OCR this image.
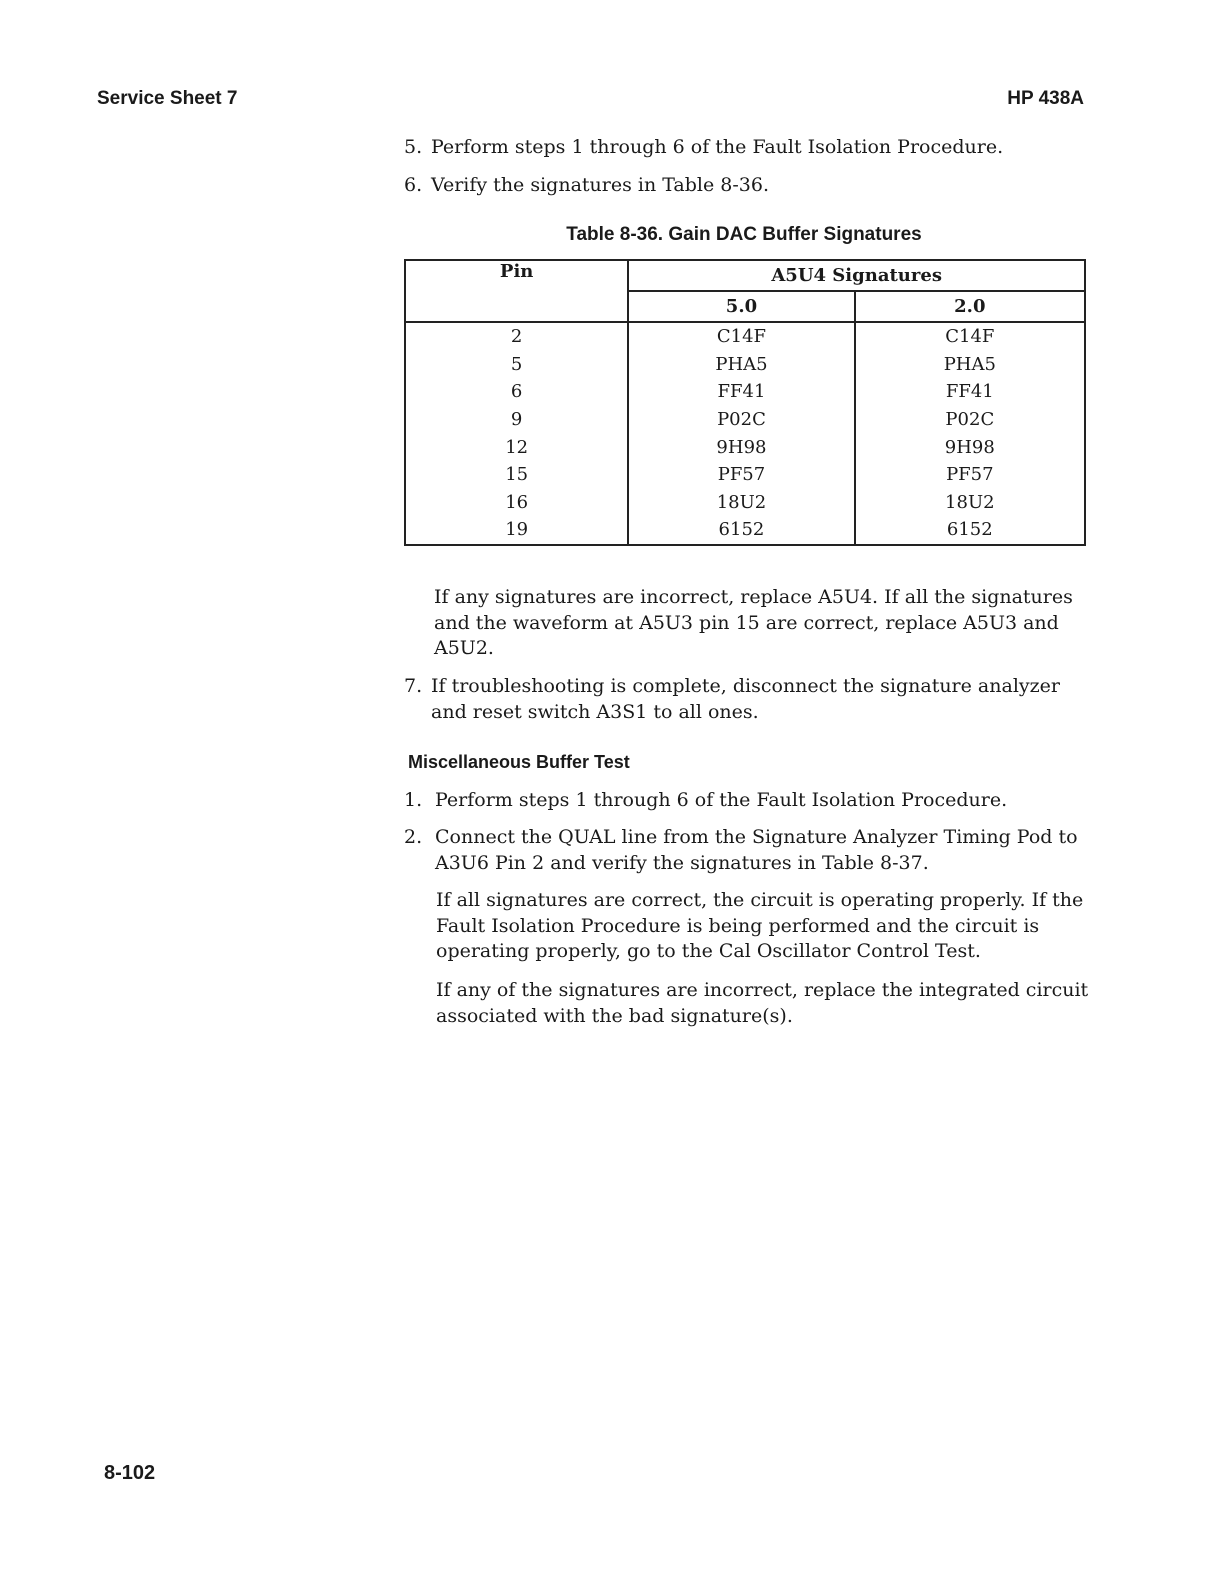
Service Sheet 7	HP 438A
5. Perform steps 1 through 6 of the Fault Isolation Procedure.
6. Verify the signatures in Table 8-36.
Table 8-36. Gain DAC Buffer Signatures
Pin	A5U4 Signatures	
	5.0	2.0
2	C14F	C14F
5	PHA5	PHA5
6	FF41	FF41
9	P02C	P02C
12	9H98	9H98
15	PF57	PF57
16	18U2	18U2
19	6152	6152
If any signatures are incorrect, replace A5U4. If all the signatures and the waveform at A5U3 pin 15 are correct, replace A5U3 and A5U2.
7. If troubleshooting is complete, disconnect the signature analyzer and reset switch A3S1 to all ones.
Miscellaneous Buffer Test
1. Perform steps 1 through 6 of the Fault Isolation Procedure.
2. Connect the QUAL line from the Signature Analyzer Timing Pod to A3U6 Pin 2 and verify the signatures in Table 8-37.
If all signatures are correct, the circuit is operating properly. If the Fault Isolation Procedure is being performed and the circuit is operating properly, go to the Cal Oscillator Control Test.
If any of the signatures are incorrect, replace the integrated circuit associated with the bad signature(s).
8-102
